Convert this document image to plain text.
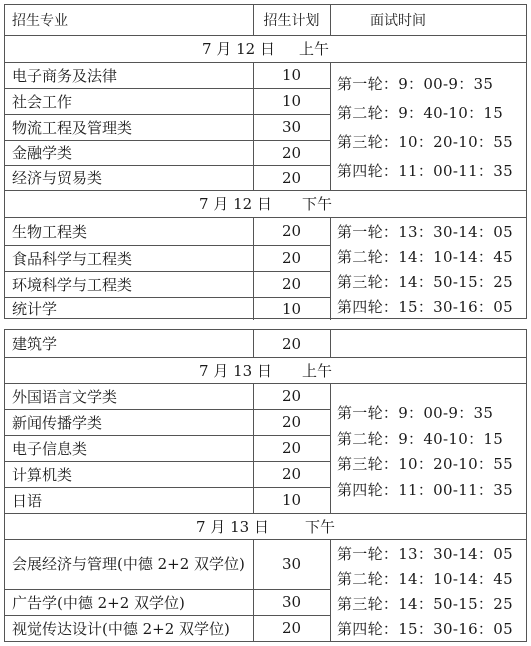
招生专业	招生计划	面试时间
7 月 12 日 上午
电子商务及法律	10
社会工作	10
物流工程及管理类	30
金融学类	20
经济与贸易类	20
第一轮：9：00-9：35
第二轮：9：40-10：15
第三轮：10：20-10：55
第四轮：11：00-11：35
7 月 12 日 下午
生物工程类	20
食品科学与工程类	20
环境科学与工程类	20
统计学	10
第一轮：13：30-14：05
第二轮：14：10-14：45
第三轮：14：50-15：25
第四轮：15：30-16：05
建筑学	20
7 月 13 日 上午
外国语言文学类	20
新闻传播学类	20
电子信息类	20
计算机类	20
日语	10
第一轮：9：00-9：35
第二轮：9：40-10：15
第三轮：10：20-10：55
第四轮：11：00-11：35
7 月 13 日 下午
会展经济与管理(中德 2+2 双学位)	30
广告学(中德 2+2 双学位)	30
视觉传达设计(中德 2+2 双学位)	20
第一轮：13：30-14：05
第二轮：14：10-14：45
第三轮：14：50-15：25
第四轮：15：30-16：05
